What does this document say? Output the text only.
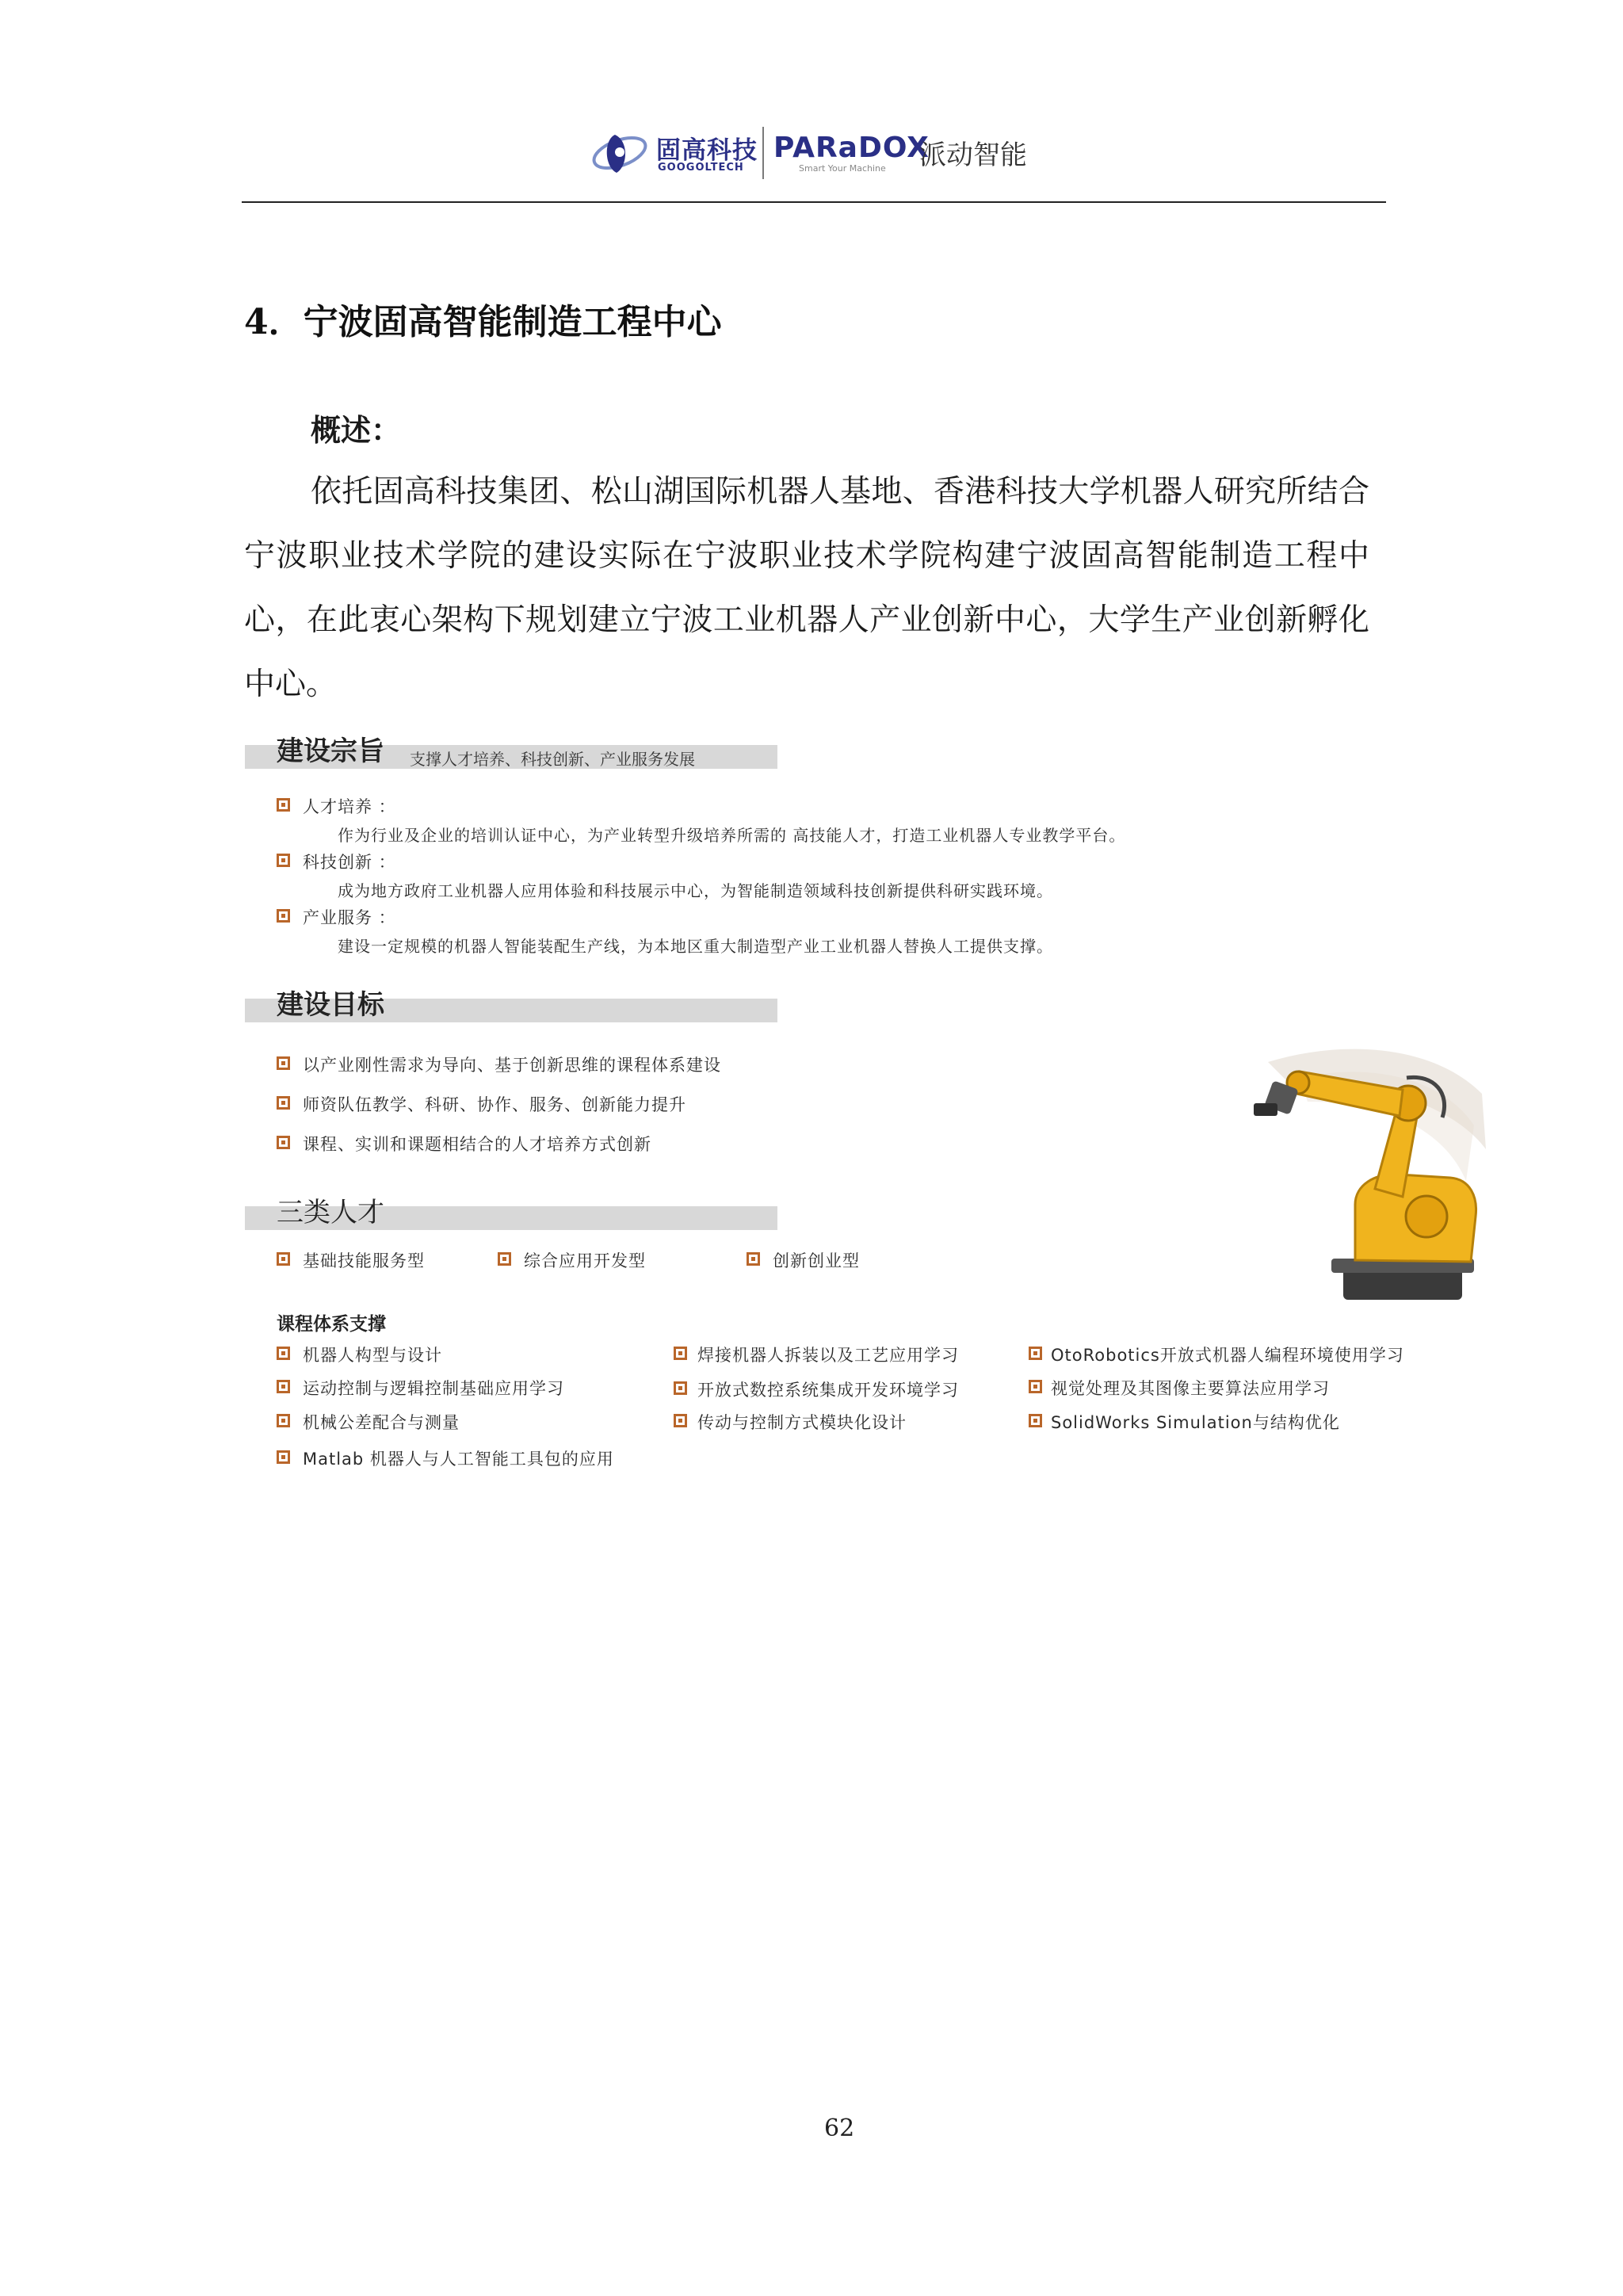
固高科技
GOOGOLTECH
PARaDOX
Smart Your Machine 派动智能
4．宁波固高智能制造工程中心
概述：
依托固高科技集团、松山湖国际机器人基地、香港科技大学机器人研究所结合宁波职业技术学院的建设实际在宁波职业技术学院构建宁波固高智能制造工程中心，在此衷心架构下规划建立宁波工业机器人产业创新中心，大学生产业创新孵化中心。
建设宗旨 支撑人才培养、科技创新、产业服务发展
人才培养 ：
作为行业及企业的培训认证中心，为产业转型升级培养所需的 高技能人才，打造工业机器人专业教学平台。
科技创新 ：
成为地方政府工业机器人应用体验和科技展示中心，为智能制造领域科技创新提供科研实践环境。
产业服务 ：
建设一定规模的机器人智能装配生产线，为本地区重大制造型产业工业机器人替换人工提供支撑。
建设目标
以产业刚性需求为导向、基于创新思维的课程体系建设
师资队伍教学、科研、协作、服务、创新能力提升
课程、实训和课题相结合的人才培养方式创新
三类人才
基础技能服务型	综合应用开发型	创新创业型
课程体系支撑
机器人构型与设计
运动控制与逻辑控制基础应用学习
机械公差配合与测量
Matlab 机器人与人工智能工具包的应用
焊接机器人拆装以及工艺应用学习
开放式数控系统集成开发环境学习
传动与控制方式模块化设计
OtoRobotics开放式机器人编程环境使用学习
视觉处理及其图像主要算法应用学习
SolidWorks Simulation与结构优化
62
